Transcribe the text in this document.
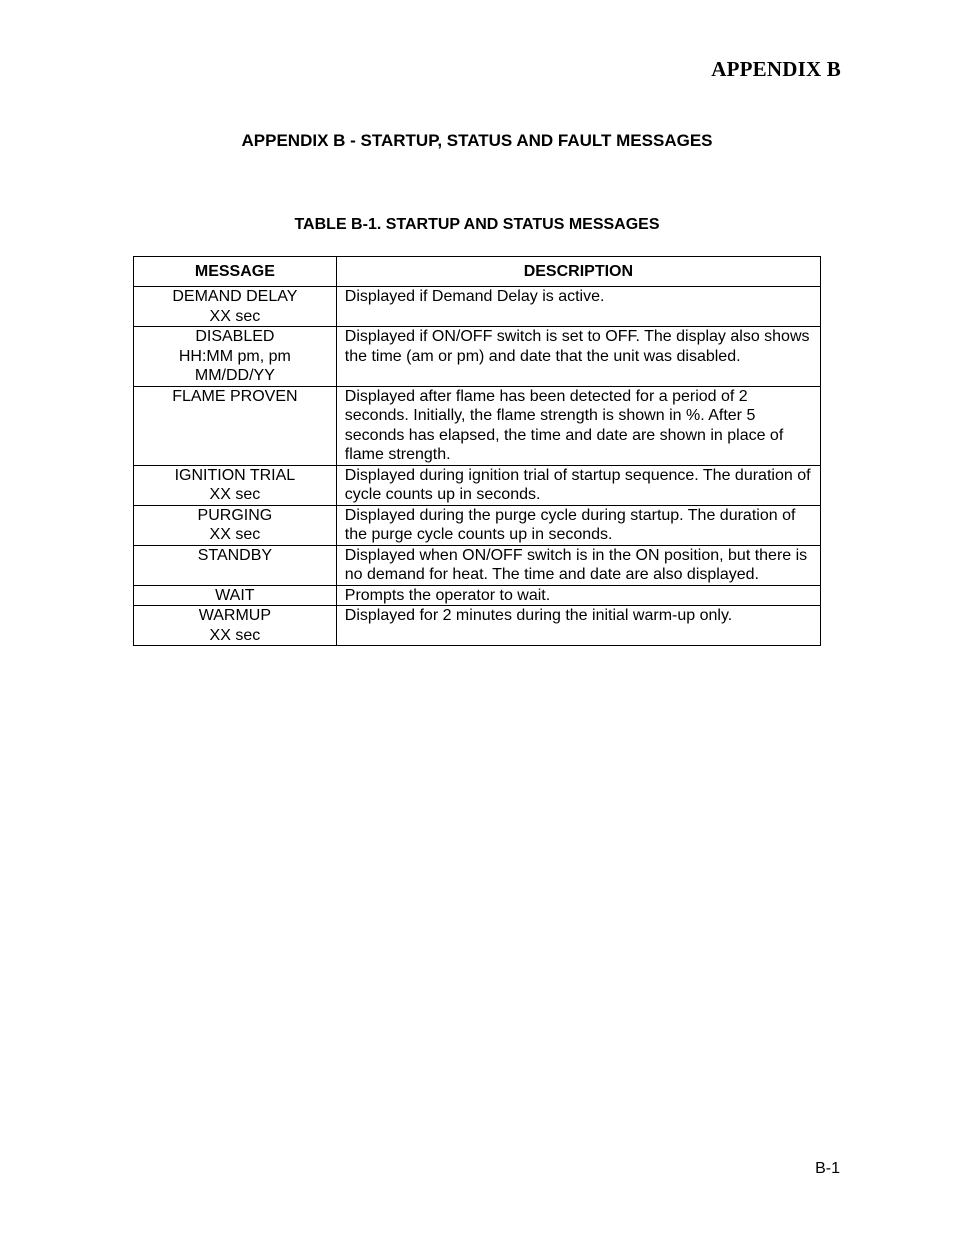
APPENDIX B
APPENDIX B - STARTUP, STATUS AND FAULT MESSAGES
TABLE B-1. STARTUP AND STATUS MESSAGES
MESSAGE	DESCRIPTION
DEMAND DELAY
XX sec	Displayed if Demand Delay is active.
DISABLED
HH:MM pm, pm
MM/DD/YY	Displayed if ON/OFF switch is set to OFF. The display also shows the time (am or pm) and date that the unit was disabled.
FLAME PROVEN	Displayed after flame has been detected for a period of 2 seconds. Initially, the flame strength is shown in %. After 5 seconds has elapsed, the time and date are shown in place of flame strength.
IGNITION TRIAL
XX sec	Displayed during ignition trial of startup sequence. The duration of cycle counts up in seconds.
PURGING
XX sec	Displayed during the purge cycle during startup. The duration of the purge cycle counts up in seconds.
STANDBY	Displayed when ON/OFF switch is in the ON position, but there is no demand for heat. The time and date are also displayed.
WAIT	Prompts the operator to wait.
WARMUP
XX sec	Displayed for 2 minutes during the initial warm-up only.
B-1
